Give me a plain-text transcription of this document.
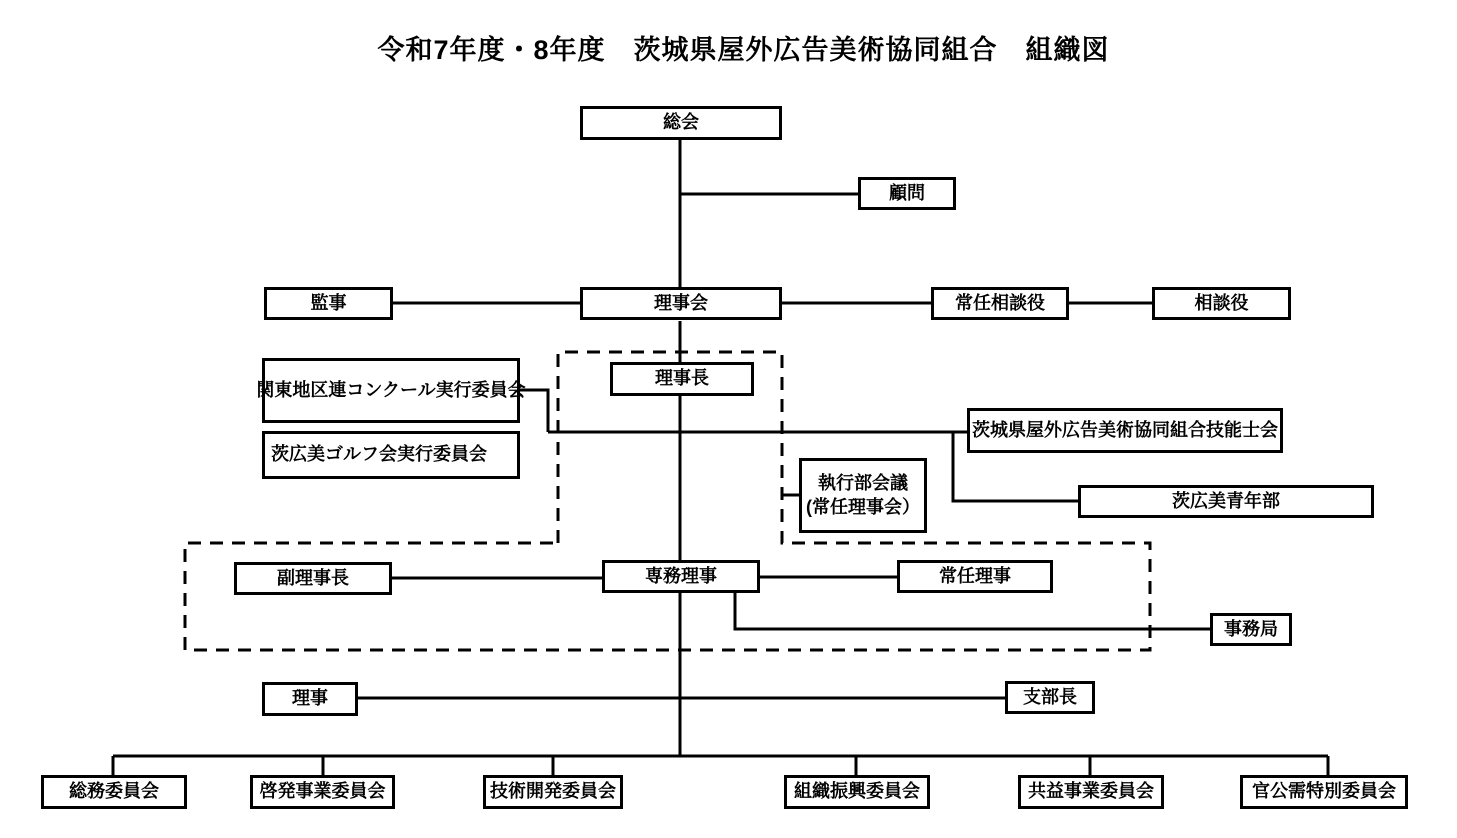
令和7年度・8年度　茨城県屋外広告美術協同組合　組織図
総会
顧問
監事	理事会	常任相談役	相談役
理事長
関東地区連コンクール実行委員会
茨広美ゴルフ会実行委員会
茨城県屋外広告美術協同組合技能士会
執行部会議
(常任理事会）	茨広美青年部
副理事長	専務理事	常任理事
事務局
理事	支部長
総務委員会	啓発事業委員会	技術開発委員会	組織振興委員会	共益事業委員会	官公需特別委員会
